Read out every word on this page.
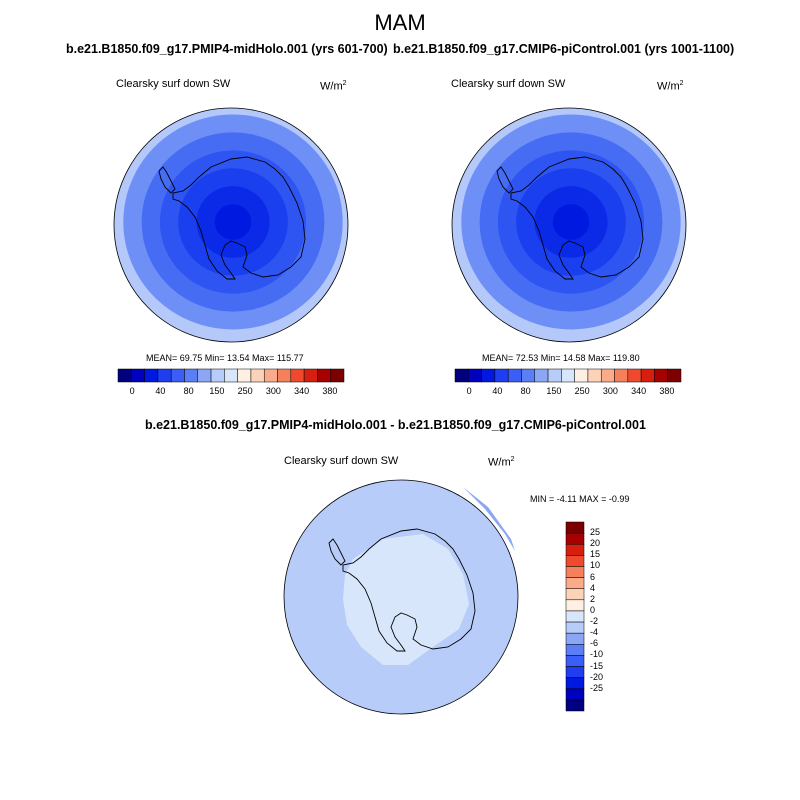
MAM
b.e21.B1850.f09_g17.PMIP4-midHolo.001 (yrs 601-700)
Clearsky surf down SW	$W/m^2$
MEAN= 69.75 Min= 13.54 Max= 115.77
0	40	80	150	250	300	340	380
b.e21.B1850.f09_g17.CMIP6-piControl.001 (yrs 1001-1100)
Clearsky surf down SW	$W/m^2$
MEAN= 72.53 Min= 14.58 Max= 119.80
0	40	80	150	250	300	340	380
b.e21.B1850.f09_g17.PMIP4-midHolo.001 - b.e21.B1850.f09_g17.CMIP6-piControl.001
Clearsky surf down SW	$W/m^2$
MIN = -4.11 MAX = -0.99
25
20
15
10
6
4
2
0
-2
-4
-6
-10
-15
-20
-25
